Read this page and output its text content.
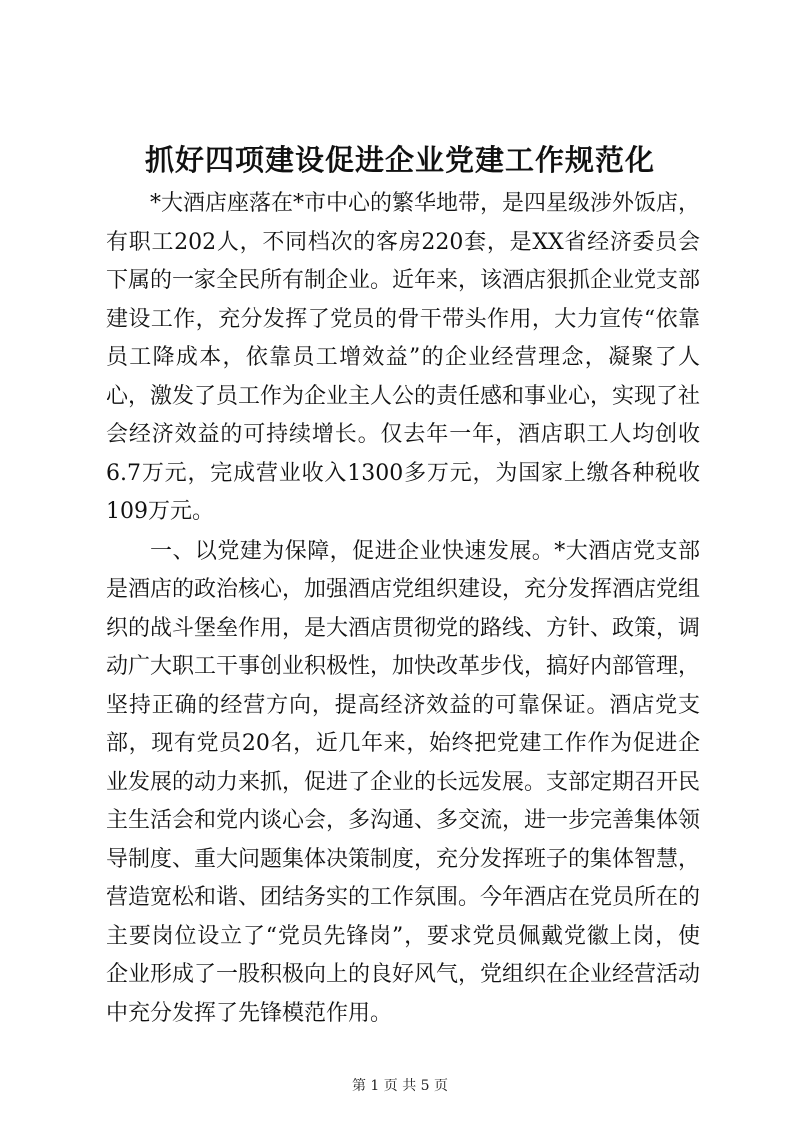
抓好四项建设促进企业党建工作规范化

*大酒店座落在*市中心的繁华地带，是四星级涉外饭店，有职工202人，不同档次的客房220套，是XX省经济委员会下属的一家全民所有制企业。近年来，该酒店狠抓企业党支部建设工作，充分发挥了党员的骨干带头作用，大力宣传“依靠员工降成本，依靠员工增效益”的企业经营理念，凝聚了人心，激发了员工作为企业主人公的责任感和事业心，实现了社会经济效益的可持续增长。仅去年一年，酒店职工人均创收6.7万元，完成营业收入1300多万元，为国家上缴各种税收109万元。

一、以党建为保障，促进企业快速发展。*大酒店党支部是酒店的政治核心，加强酒店党组织建设，充分发挥酒店党组织的战斗堡垒作用，是大酒店贯彻党的路线、方针、政策，调动广大职工干事创业积极性，加快改革步伐，搞好内部管理，坚持正确的经营方向，提高经济效益的可靠保证。酒店党支部，现有党员20名，近几年来，始终把党建工作作为促进企业发展的动力来抓，促进了企业的长远发展。支部定期召开民主生活会和党内谈心会，多沟通、多交流，进一步完善集体领导制度、重大问题集体决策制度，充分发挥班子的集体智慧，营造宽松和谐、团结务实的工作氛围。今年酒店在党员所在的主要岗位设立了“党员先锋岗”，要求党员佩戴党徽上岗，使企业形成了一股积极向上的良好风气，党组织在企业经营活动中充分发挥了先锋模范作用。

第 1 页 共 5 页
